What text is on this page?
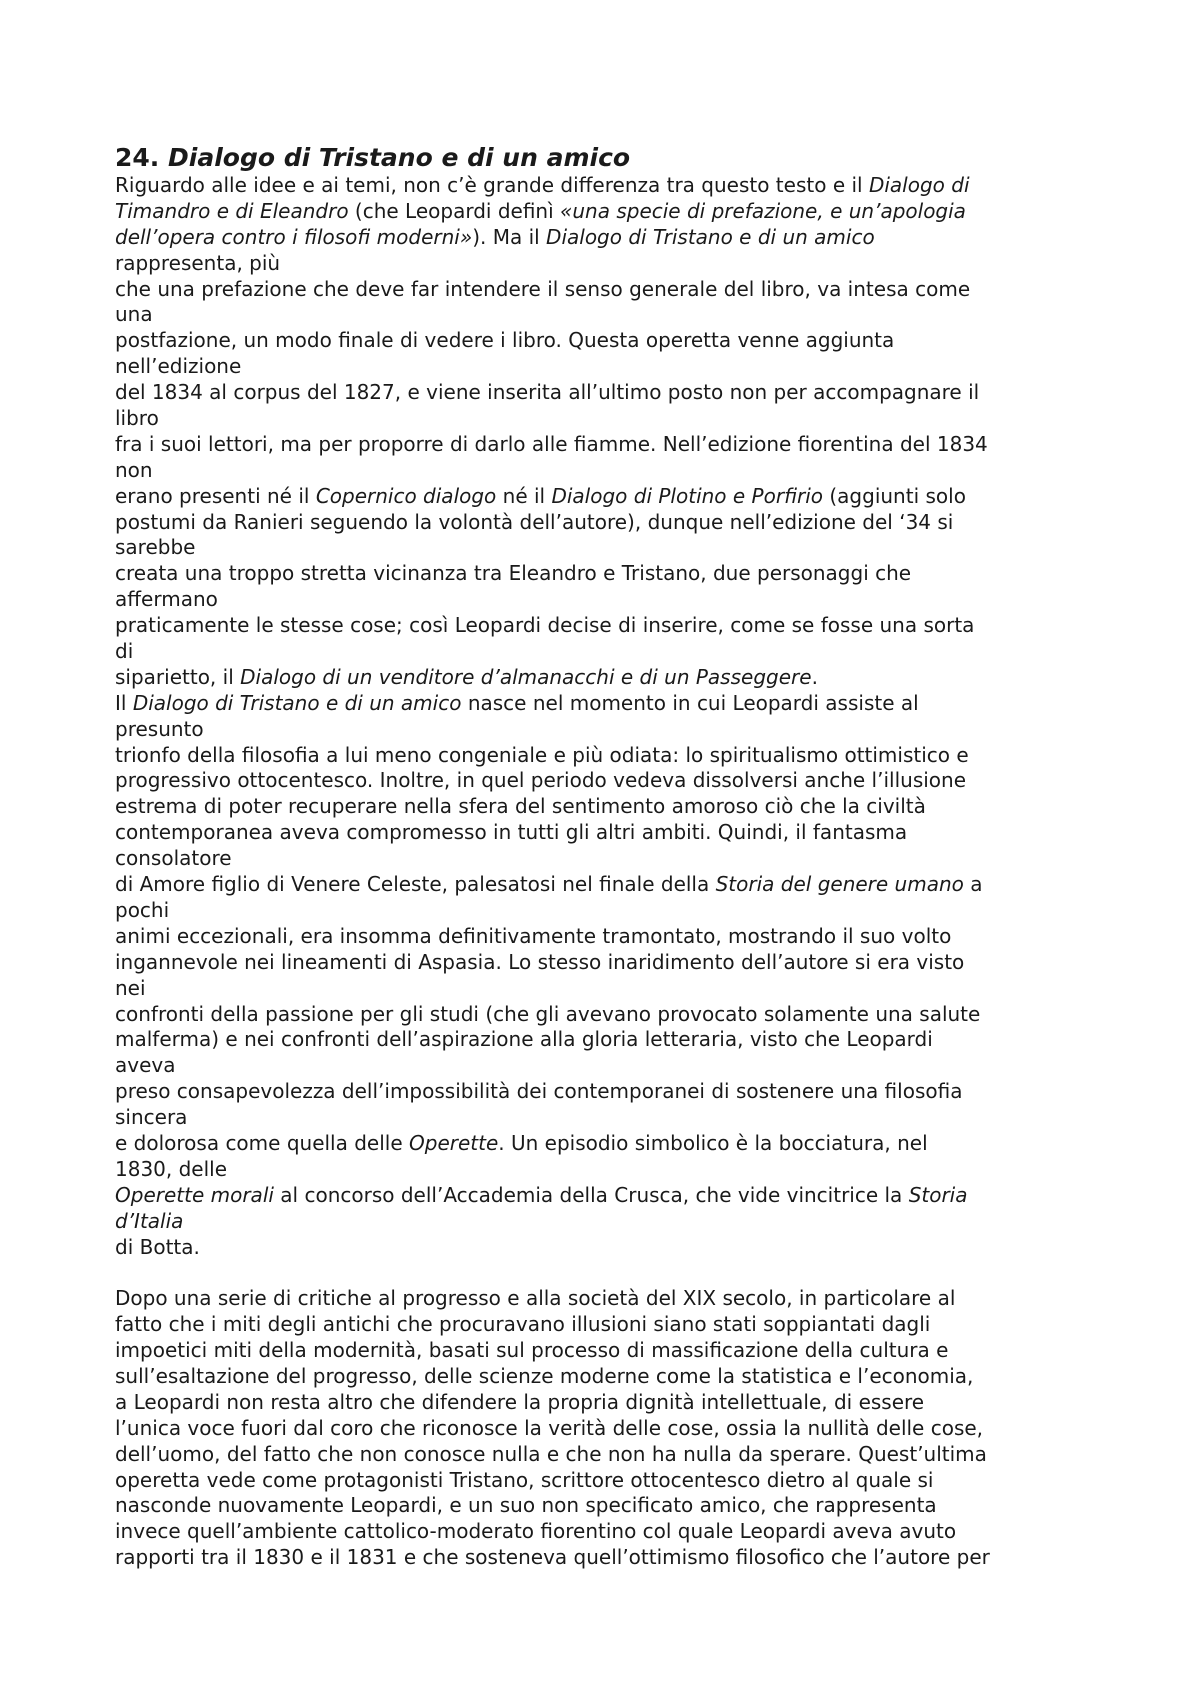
24. Dialogo di Tristano e di un amico
Riguardo alle idee e ai temi, non c’è grande differenza tra questo testo e il Dialogo di
Timandro e di Eleandro (che Leopardi definì «una specie di prefazione, e un’apologia
dell’opera contro i filosofi moderni»). Ma il Dialogo di Tristano e di un amico
rappresenta, più
che una prefazione che deve far intendere il senso generale del libro, va intesa come
una
postfazione, un modo finale di vedere i libro. Questa operetta venne aggiunta
nell’edizione
del 1834 al corpus del 1827, e viene inserita all’ultimo posto non per accompagnare il
libro
fra i suoi lettori, ma per proporre di darlo alle fiamme. Nell’edizione fiorentina del 1834
non
erano presenti né il Copernico dialogo né il Dialogo di Plotino e Porfirio (aggiunti solo
postumi da Ranieri seguendo la volontà dell’autore), dunque nell’edizione del ‘34 si
sarebbe
creata una troppo stretta vicinanza tra Eleandro e Tristano, due personaggi che
affermano
praticamente le stesse cose; così Leopardi decise di inserire, come se fosse una sorta
di
siparietto, il Dialogo di un venditore d’almanacchi e di un Passeggere.
Il Dialogo di Tristano e di un amico nasce nel momento in cui Leopardi assiste al
presunto
trionfo della filosofia a lui meno congeniale e più odiata: lo spiritualismo ottimistico e
progressivo ottocentesco. Inoltre, in quel periodo vedeva dissolversi anche l’illusione
estrema di poter recuperare nella sfera del sentimento amoroso ciò che la civiltà
contemporanea aveva compromesso in tutti gli altri ambiti. Quindi, il fantasma
consolatore
di Amore figlio di Venere Celeste, palesatosi nel finale della Storia del genere umano a
pochi
animi eccezionali, era insomma definitivamente tramontato, mostrando il suo volto
ingannevole nei lineamenti di Aspasia. Lo stesso inaridimento dell’autore si era visto
nei
confronti della passione per gli studi (che gli avevano provocato solamente una salute
malferma) e nei confronti dell’aspirazione alla gloria letteraria, visto che Leopardi
aveva
preso consapevolezza dell’impossibilità dei contemporanei di sostenere una filosofia
sincera
e dolorosa come quella delle Operette. Un episodio simbolico è la bocciatura, nel
1830, delle
Operette morali al concorso dell’Accademia della Crusca, che vide vincitrice la Storia
d’Italia
di Botta.
Dopo una serie di critiche al progresso e alla società del XIX secolo, in particolare al
fatto che i miti degli antichi che procuravano illusioni siano stati soppiantati dagli
impoetici miti della modernità, basati sul processo di massificazione della cultura e
sull’esaltazione del progresso, delle scienze moderne come la statistica e l’economia,
a Leopardi non resta altro che difendere la propria dignità intellettuale, di essere
l’unica voce fuori dal coro che riconosce la verità delle cose, ossia la nullità delle cose,
dell’uomo, del fatto che non conosce nulla e che non ha nulla da sperare. Quest’ultima
operetta vede come protagonisti Tristano, scrittore ottocentesco dietro al quale si
nasconde nuovamente Leopardi, e un suo non specificato amico, che rappresenta
invece quell’ambiente cattolico-moderato fiorentino col quale Leopardi aveva avuto
rapporti tra il 1830 e il 1831 e che sosteneva quell’ottimismo filosofico che l’autore per
